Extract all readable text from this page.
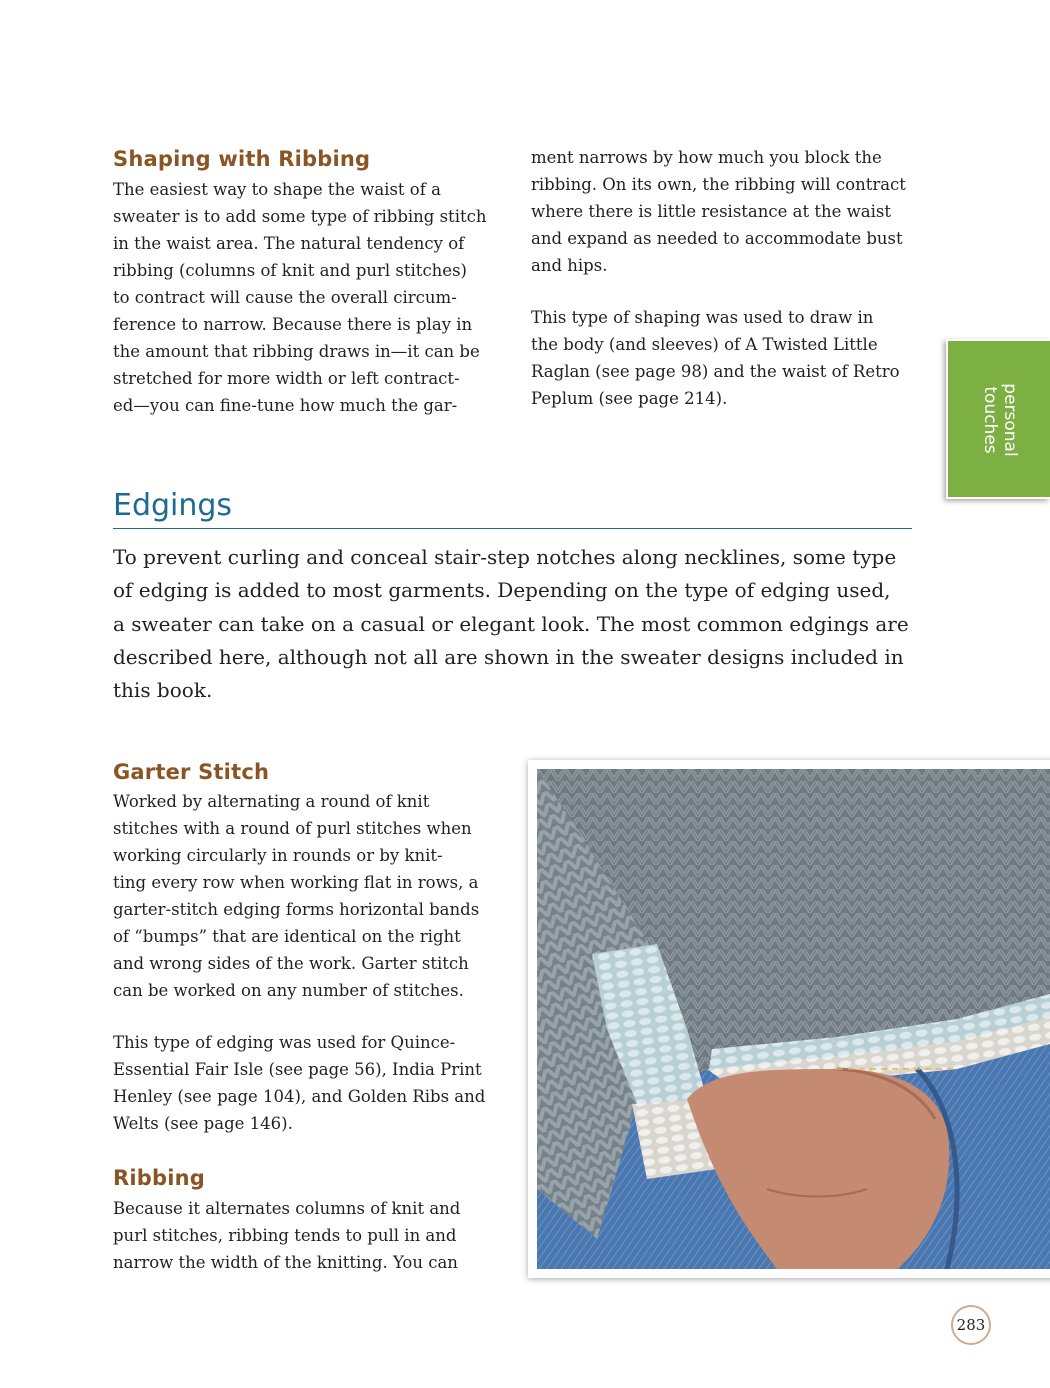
Shaping with Ribbing
The easiest way to shape the waist of a
sweater is to add some type of ribbing stitch
in the waist area. The natural tendency of
ribbing (columns of knit and purl stitches)
to contract will cause the overall circum-
ference to narrow. Because there is play in
the amount that ribbing draws in—it can be
stretched for more width or left contract-
ed—you can fine-tune how much the gar-

ment narrows by how much you block the
ribbing. On its own, the ribbing will contract
where there is little resistance at the waist
and expand as needed to accommodate bust
and hips.

This type of shaping was used to draw in
the body (and sleeves) of A Twisted Little
Raglan (see page 98) and the waist of Retro
Peplum (see page 214).	personal
touches
Edgings
To prevent curling and conceal stair-step notches along necklines, some type
of edging is added to most garments. Depending on the type of edging used,
a sweater can take on a casual or elegant look. The most common edgings are
described here, although not all are shown in the sweater designs included in
this book.
Garter Stitch

Worked by alternating a round of knit
stitches with a round of purl stitches when
working circularly in rounds or by knit-
ting every row when working flat in rows, a
garter-stitch edging forms horizontal bands
of “bumps” that are identical on the right
and wrong sides of the work. Garter stitch
can be worked on any number of stitches.

This type of edging was used for Quince-
Essential Fair Isle (see page 56), India Print
Henley (see page 104), and Golden Ribs and
Welts (see page 146).

Ribbing
Because it alternates columns of knit and
purl stitches, ribbing tends to pull in and
narrow the width of the knitting. You can
283
